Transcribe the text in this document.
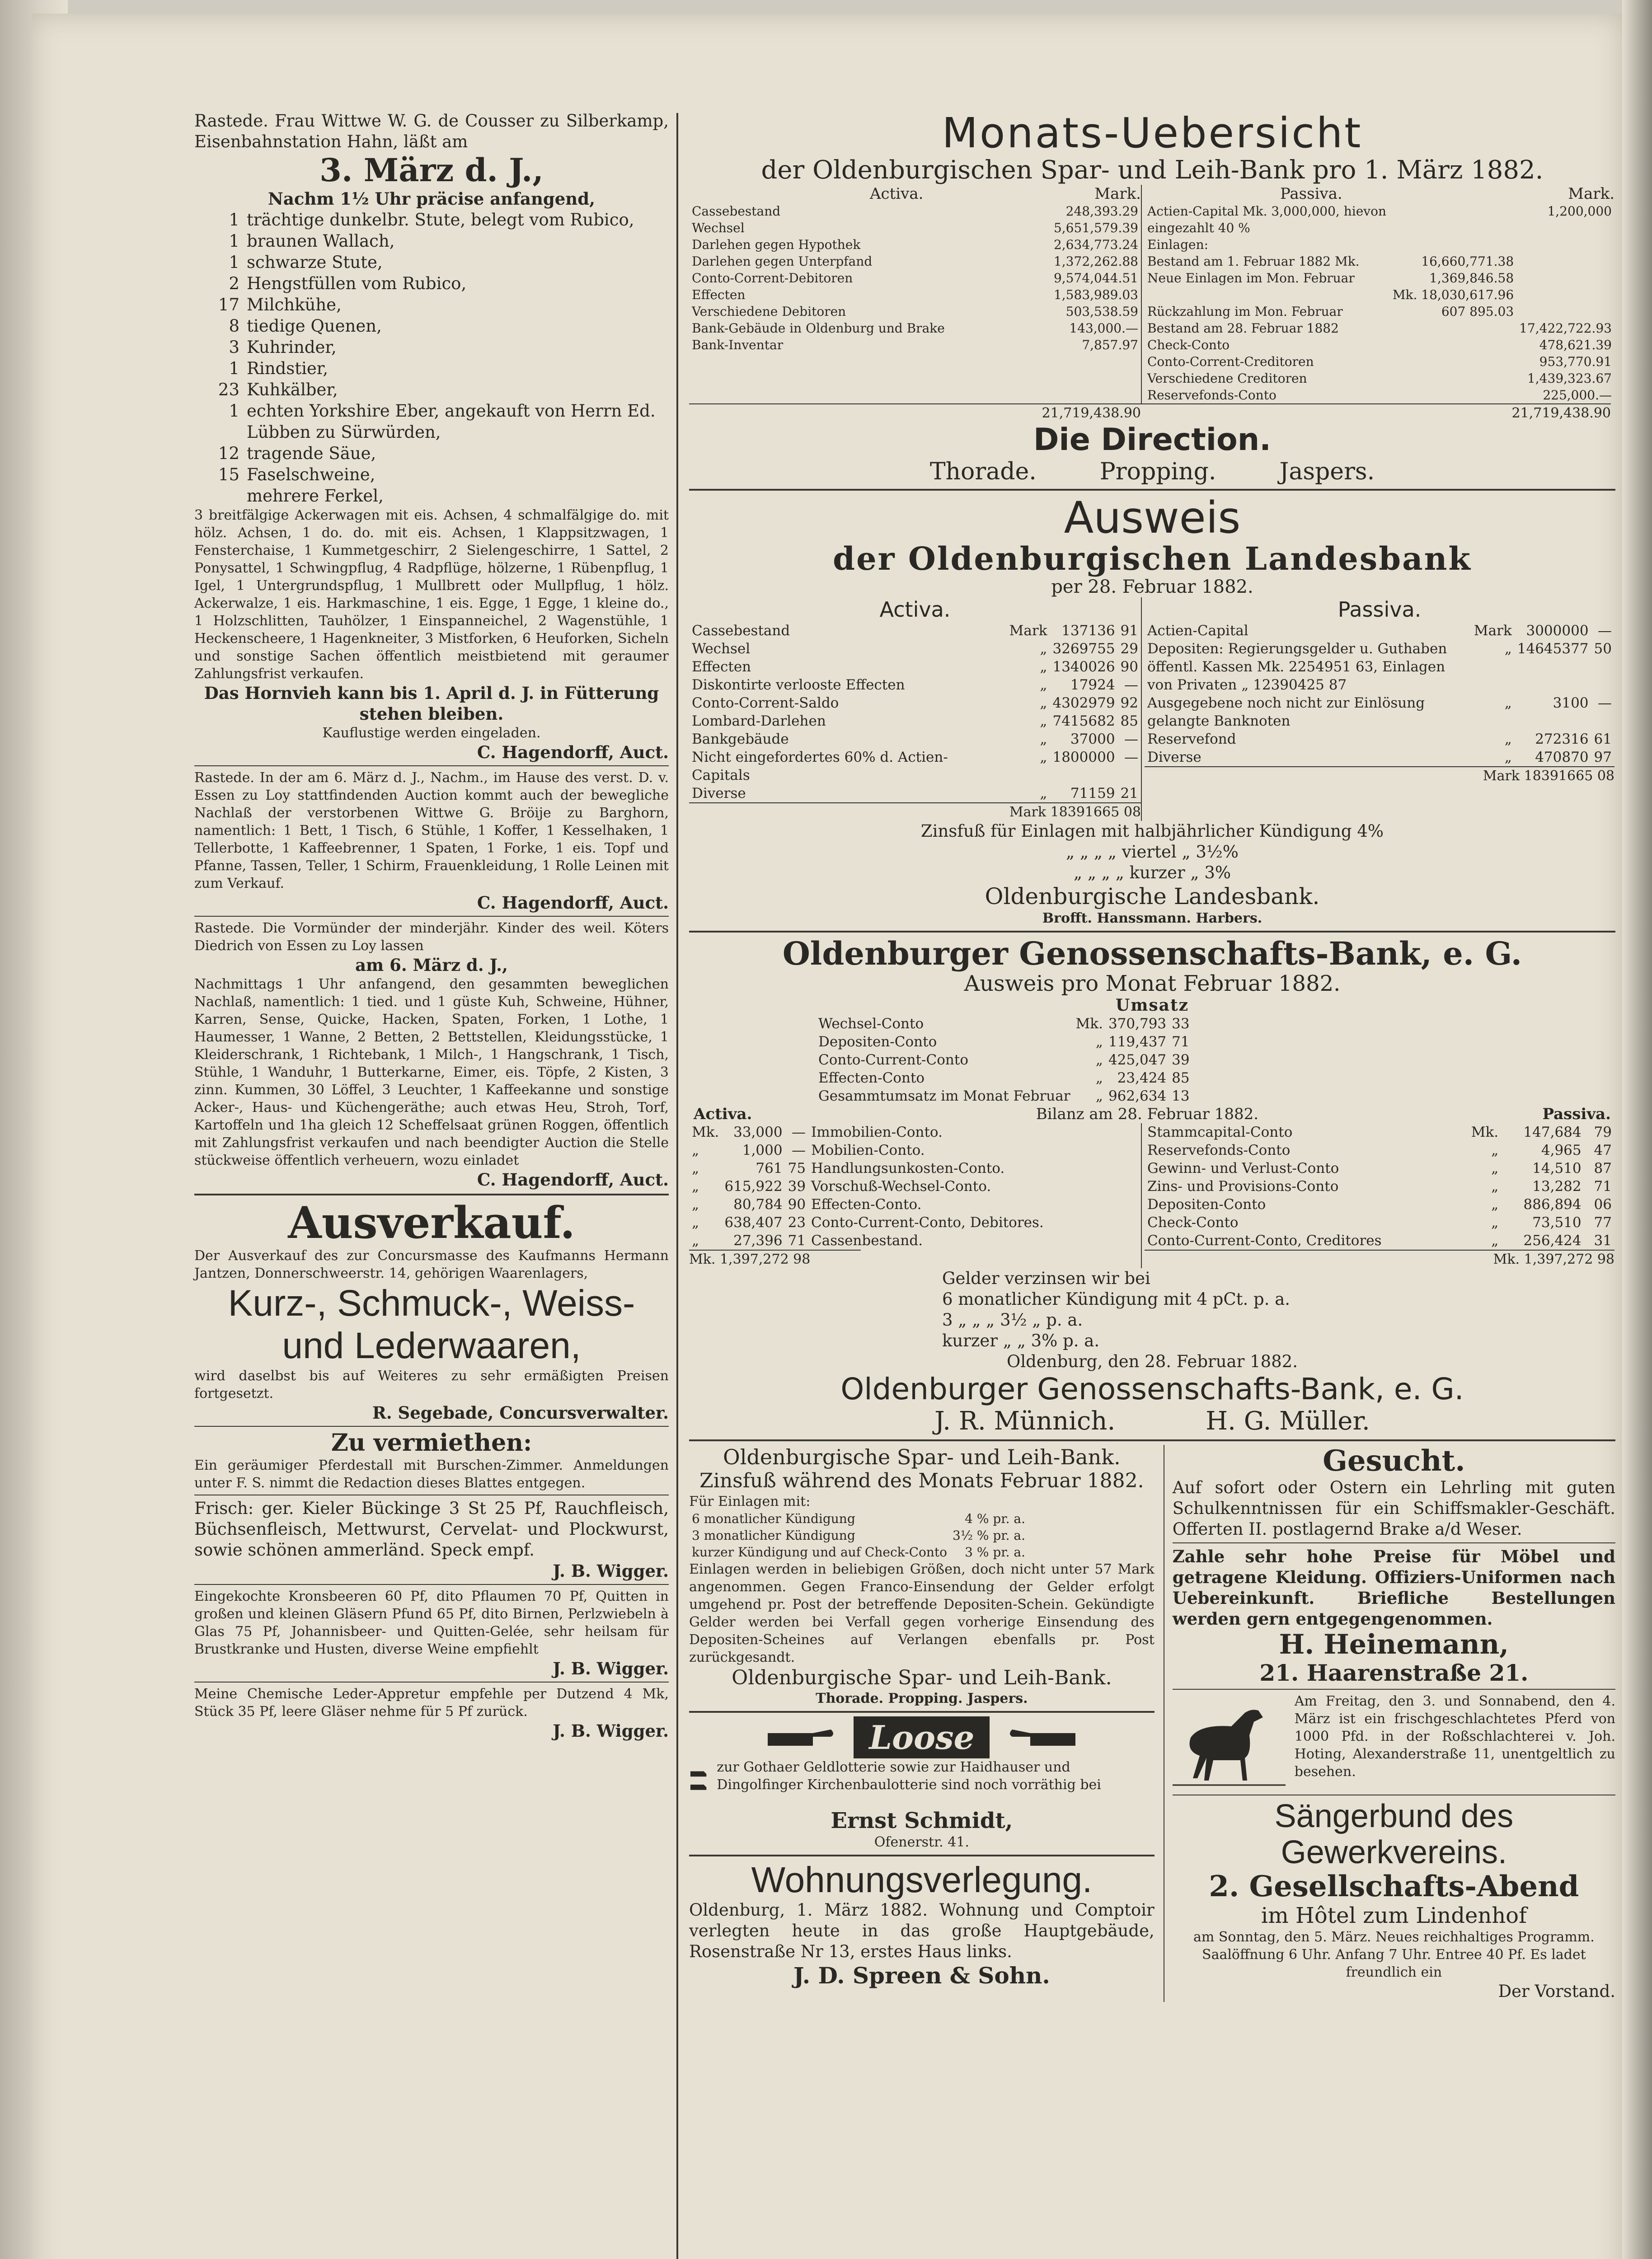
Rastede. Frau Wittwe W. G. de Cousser zu Silberkamp, Eisenbahnstation Hahn, läßt am

3. März d. J.,

Nachm 1½ Uhr präcise anfangend,

1 trächtige dunkelbr. Stute, belegt vom Rubico,
1 braunen Wallach,
1 schwarze Stute,
2 Hengstfüllen vom Rubico,
17 Milchkühe,
8 tiedige Quenen,
3 Kuhrinder,
1 Rindstier,
23 Kuhkälber,
1 echten Yorkshire Eber, angekauft von Herrn Ed. Lübben zu Sürwürden,
12 tragende Säue,
15 Faselschweine,
mehrere Ferkel,

3 breitfälgige Ackerwagen mit eis. Achsen, 4 schmalfälgige do. mit hölz. Achsen, 1 do. do. mit eis. Achsen, 1 Klappsitzwagen, 1 Fensterchaise, 1 Kummetgeschirr, 2 Sielengeschirre, 1 Sattel, 2 Ponysattel, 1 Schwingpflug, 4 Radpflüge, hölzerne, 1 Rübenpflug, 1 Igel, 1 Untergrundspflug, 1 Mullbrett oder Mullpflug, 1 hölz. Ackerwalze, 1 eis. Harkmaschine, 1 eis. Egge, 1 Egge, 1 kleine do., 1 Holzschlitten, Tauhölzer, 1 Einspanneichel, 2 Wagenstühle, 1 Heckenscheere, 1 Hagenkneiter, 3 Mistforken, 6 Heuforken, Sicheln und sonstige Sachen öffentlich meistbietend mit geraumer Zahlungsfrist verkaufen.

Das Hornvieh kann bis 1. April d. J. in Fütterung stehen bleiben.

Kauflustige werden eingeladen.

C. Hagendorff, Auct.

Rastede. In der am 6. März d. J., Nachm., im Hause des verst. D. v. Essen zu Loy stattfindenden Auction kommt auch der bewegliche Nachlaß der verstorbenen Wittwe G. Bröije zu Barghorn, namentlich: 1 Bett, 1 Tisch, 6 Stühle, 1 Koffer, 1 Kesselhaken, 1 Tellerbotte, 1 Kaffeebrenner, 1 Spaten, 1 Forke, 1 eis. Topf und Pfanne, Tassen, Teller, 1 Schirm, Frauenkleidung, 1 Rolle Leinen mit zum Verkauf.

C. Hagendorff, Auct.

Rastede. Die Vormünder der minderjähr. Kinder des weil. Köters Diedrich von Essen zu Loy lassen

am 6. März d. J.,

Nachmittags 1 Uhr anfangend, den gesammten beweglichen Nachlaß, namentlich: 1 tied. und 1 güste Kuh, Schweine, Hühner, Karren, Sense, Quicke, Hacken, Spaten, Forken, 1 Lothe, 1 Haumesser, 1 Wanne, 2 Betten, 2 Bettstellen, Kleidungsstücke, 1 Kleiderschrank, 1 Richtebank, 1 Milch-, 1 Hangschrank, 1 Tisch, Stühle, 1 Wanduhr, 1 Butterkarne, Eimer, eis. Töpfe, 2 Kisten, 3 zinn. Kummen, 30 Löffel, 3 Leuchter, 1 Kaffeekanne und sonstige Acker-, Haus- und Küchengeräthe; auch etwas Heu, Stroh, Torf, Kartoffeln und 1ha gleich 12 Scheffelsaat grünen Roggen, öffentlich mit Zahlungsfrist verkaufen und nach beendigter Auction die Stelle stückweise öffentlich verheuern, wozu einladet

C. Hagendorff, Auct.

Ausverkauf.

Der Ausverkauf des zur Concursmasse des Kaufmanns Hermann Jantzen, Donnerschweerstr. 14, gehörigen Waarenlagers,

Kurz-, Schmuck-, Weiss- und Lederwaaren,

wird daselbst bis auf Weiteres zu sehr ermäßigten Preisen fortgesetzt.

R. Segebade, Concursverwalter.

Zu vermiethen:

Ein geräumiger Pferdestall mit Burschen-Zimmer. Anmeldungen unter F. S. nimmt die Redaction dieses Blattes entgegen.

Frisch: ger. Kieler Bückinge 3 St 25 Pf, Rauchfleisch, Büchsenfleisch, Mettwurst, Cervelat- und Plockwurst, sowie schönen ammerländ. Speck empf.

J. B. Wigger.

Eingekochte Kronsbeeren 60 Pf, dito Pflaumen 70 Pf, Quitten in großen und kleinen Gläsern Pfund 65 Pf, dito Birnen, Perlzwiebeln à Glas 75 Pf, Johannisbeer- und Quitten-Gelée, sehr heilsam für Brustkranke und Husten, diverse Weine empfiehlt

J. B. Wigger.

Meine Chemische Leder-Appretur empfehle per Dutzend 4 Mk, Stück 35 Pf, leere Gläser nehme für 5 Pf zurück.

J. B. Wigger.

Monats-Uebersicht

der Oldenburgischen Spar- und Leih-Bank pro 1. März 1882.

Activa.	Mark.
Cassebestand	248,393.29
Wechsel	5,651,579.39
Darlehen gegen Hypothek	2,634,773.24
Darlehen gegen Unterpfand	1,372,262.88
Conto-Corrent-Debitoren	9,574,044.51
Effecten	1,583,989.03
Verschiedene Debitoren	503,538.59
Bank-Gebäude in Oldenburg und Brake	143,000.—
Bank-Inventar	7,857.97
Passiva.	Mark.
Actien-Capital Mk. 3,000,000, hievon eingezahlt 40 %		1,200,000
Einlagen:		
Bestand am 1. Februar 1882 Mk.	16,660,771.38	
Neue Einlagen im Mon. Februar	1,369,846.58	
	Mk. 18,030,617.96	
Rückzahlung im Mon. Februar	607 895.03	
Bestand am 28. Februar 1882		17,422,722.93
Check-Conto		478,621.39
Conto-Corrent-Creditoren		953,770.91
Verschiedene Creditoren		1,439,323.67
Reservefonds-Conto		225,000.—

21,719,438.90	21,719,438.90

Die Direction.

Thorade.	Propping.	Jaspers.

Ausweis

der Oldenburgischen Landesbank

per 28. Februar 1882.

Activa.

Cassebestand	Mark	137136	91
Wechsel	„	3269755	29
Effecten	„	1340026	90
Diskontirte verlooste Effecten	„	17924	—
Conto-Corrent-Saldo	„	4302979	92
Lombard-Darlehen	„	7415682	85
Bankgebäude	„	37000	—
Nicht eingefordertes 60% d. Actien-Capitals	„	1800000	—
Diverse	„	71159	21

Mark 18391665 08

Passiva.

Actien-Capital	Mark	3000000	—
Depositen: Regierungsgelder u. Guthaben öffentl. Kassen Mk. 2254951 63, Einlagen von Privaten „ 12390425 87	„	14645377	50
Ausgegebene noch nicht zur Einlösung gelangte Banknoten	„	3100	—
Reservefond	„	272316	61
Diverse	„	470870	97

Mark 18391665 08

Zinsfuß für Einlagen mit halbjährlicher Kündigung 4%

„ „ „ „ viertel „ 3½%

„ „ „ „ kurzer „ 3%

Oldenburgische Landesbank.

Brofft. Hanssmann. Harbers.

Oldenburger Genossenschafts-Bank, e. G.

Ausweis pro Monat Februar 1882.

Umsatz

Wechsel-Conto	Mk.	370,793	33
Depositen-Conto	„	119,437	71
Conto-Current-Conto	„	425,047	39
Effecten-Conto	„	23,424	85
Gesammtumsatz im Monat Februar	„	962,634	13
Activa.	Bilanz am 28. Februar 1882.	Passiva.
Mk.	33,000	—	Immobilien-Conto.
„	1,000	—	Mobilien-Conto.
„	761	75	Handlungsunkosten-Conto.
„	615,922	39	Vorschuß-Wechsel-Conto.
„	80,784	90	Effecten-Conto.
„	638,407	23	Conto-Current-Conto, Debitores.
„	27,396	71	Cassenbestand.

Mk. 1,397,272 98

Stammcapital-Conto	Mk.	147,684	79
Reservefonds-Conto	„	4,965	47
Gewinn- und Verlust-Conto	„	14,510	87
Zins- und Provisions-Conto	„	13,282	71
Depositen-Conto	„	886,894	06
Check-Conto	„	73,510	77
Conto-Current-Conto, Creditores	„	256,424	31

Mk. 1,397,272 98

Gelder verzinsen wir bei

6 monatlicher Kündigung mit 4 pCt. p. a.

3 „ „ „ 3½ „ p. a.

kurzer „ „ 3% p. a.

Oldenburg, den 28. Februar 1882.

Oldenburger Genossenschafts-Bank, e. G.

J. R. Münnich.	H. G. Müller.

Oldenburgische Spar- und Leih-Bank.

Zinsfuß während des Monats Februar 1882.

Für Einlagen mit:

6 monatlicher Kündigung	4 % pr. a.
3 monatlicher Kündigung	3½ % pr. a.
kurzer Kündigung und auf Check-Conto	3 % pr. a.

Einlagen werden in beliebigen Größen, doch nicht unter 57 Mark angenommen. Gegen Franco-Einsendung der Gelder erfolgt umgehend pr. Post der betreffende Depositen-Schein. Gekündigte Gelder werden bei Verfall gegen vorherige Einsendung des Depositen-Scheines auf Verlangen ebenfalls pr. Post zurückgesandt.

Oldenburgische Spar- und Leih-Bank.

Thorade. Propping. Jaspers.

Loose

zur Gothaer Geldlotterie sowie zur Haidhauser und Dingolfinger Kirchenbaulotterie sind noch vorräthig bei

Ernst Schmidt,

Ofenerstr. 41.

Wohnungsverlegung.

Oldenburg, 1. März 1882. Wohnung und Comptoir verlegten heute in das große Hauptgebäude, Rosenstraße Nr 13, erstes Haus links.

J. D. Spreen & Sohn.

Gesucht.

Auf sofort oder Ostern ein Lehrling mit guten Schulkenntnissen für ein Schiffsmakler-Geschäft. Offerten II. postlagernd Brake a/d Weser.

Zahle sehr hohe Preise für Möbel und getragene Kleidung. Offiziers-Uniformen nach Uebereinkunft. Briefliche Bestellungen werden gern entgegengenommen.

H. Heinemann,

21. Haarenstraße 21.

Am Freitag, den 3. und Sonnabend, den 4. März ist ein frischgeschlachtetes Pferd von 1000 Pfd. in der Roßschlachterei v. Joh. Hoting, Alexanderstraße 11, unentgeltlich zu besehen.

Sängerbund des Gewerkvereins.

2. Gesellschafts-Abend

im Hôtel zum Lindenhof

am Sonntag, den 5. März. Neues reichhaltiges Programm. Saalöffnung 6 Uhr. Anfang 7 Uhr. Entree 40 Pf. Es ladet freundlich ein

Der Vorstand.
